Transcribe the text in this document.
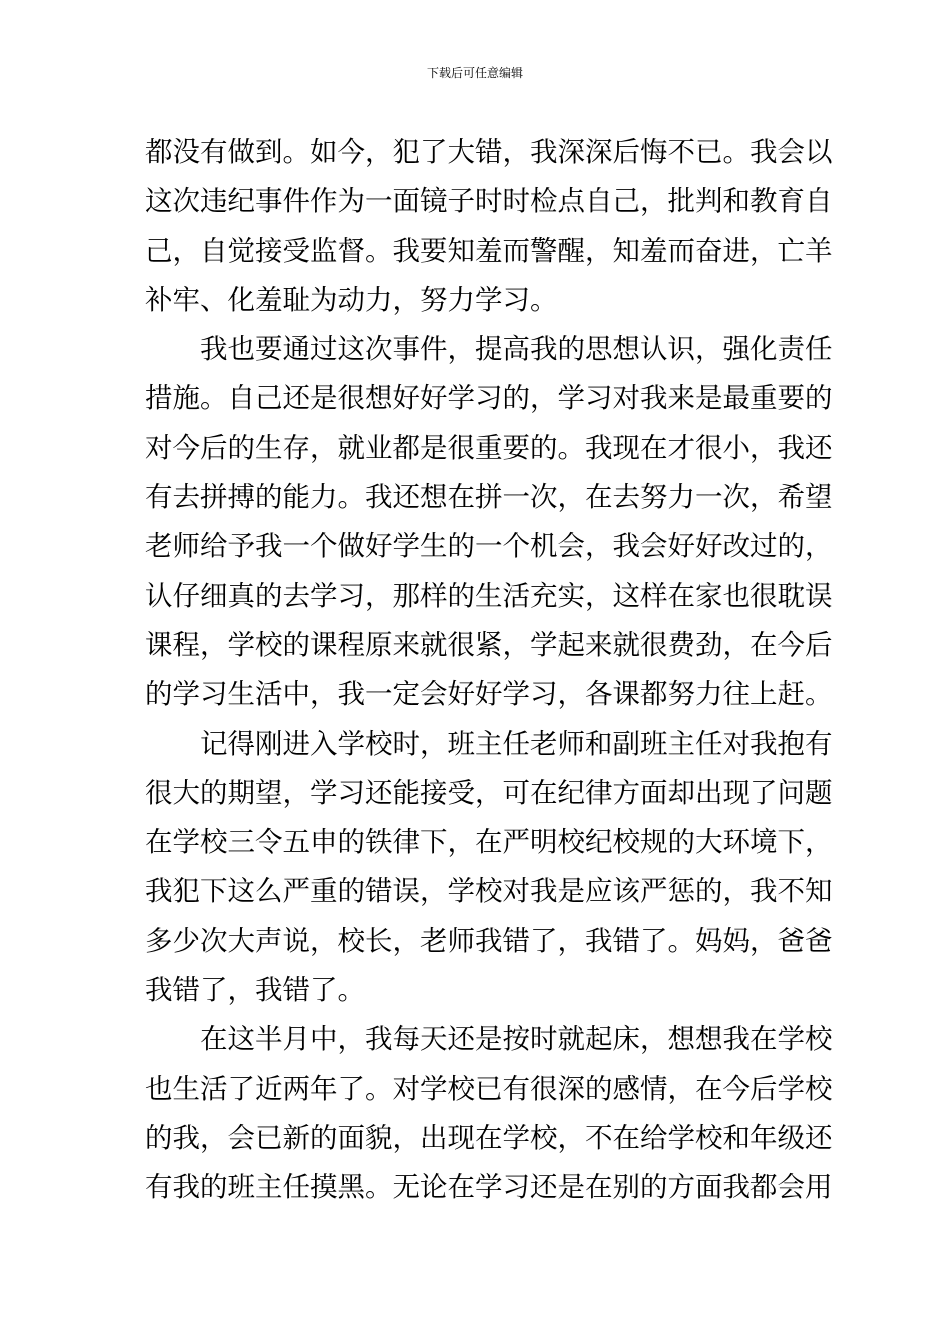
下载后可任意编辑
都没有做到。如今，犯了大错，我深深后悔不已。我会以
这次违纪事件作为一面镜子时时检点自己，批判和教育自
己，自觉接受监督。我要知羞而警醒，知羞而奋进，亡羊
补牢、化羞耻为动力，努力学习。
我也要通过这次事件，提高我的思想认识，强化责任
措施。自己还是很想好好学习的，学习对我来是最重要的
对今后的生存，就业都是很重要的。我现在才很小，我还
有去拼搏的能力。我还想在拼一次，在去努力一次，希望
老师给予我一个做好学生的一个机会，我会好好改过的，
认仔细真的去学习，那样的生活充实，这样在家也很耽误
课程，学校的课程原来就很紧，学起来就很费劲，在今后
的学习生活中，我一定会好好学习，各课都努力往上赶。
记得刚进入学校时，班主任老师和副班主任对我抱有
很大的期望，学习还能接受，可在纪律方面却出现了问题
在学校三令五申的铁律下，在严明校纪校规的大环境下，
我犯下这么严重的错误，学校对我是应该严惩的，我不知
多少次大声说，校长，老师我错了，我错了。妈妈，爸爸
我错了，我错了。
在这半月中，我每天还是按时就起床，想想我在学校
也生活了近两年了。对学校已有很深的感情，在今后学校
的我，会已新的面貌，出现在学校，不在给学校和年级还
有我的班主任摸黑。无论在学习还是在别的方面我都会用
